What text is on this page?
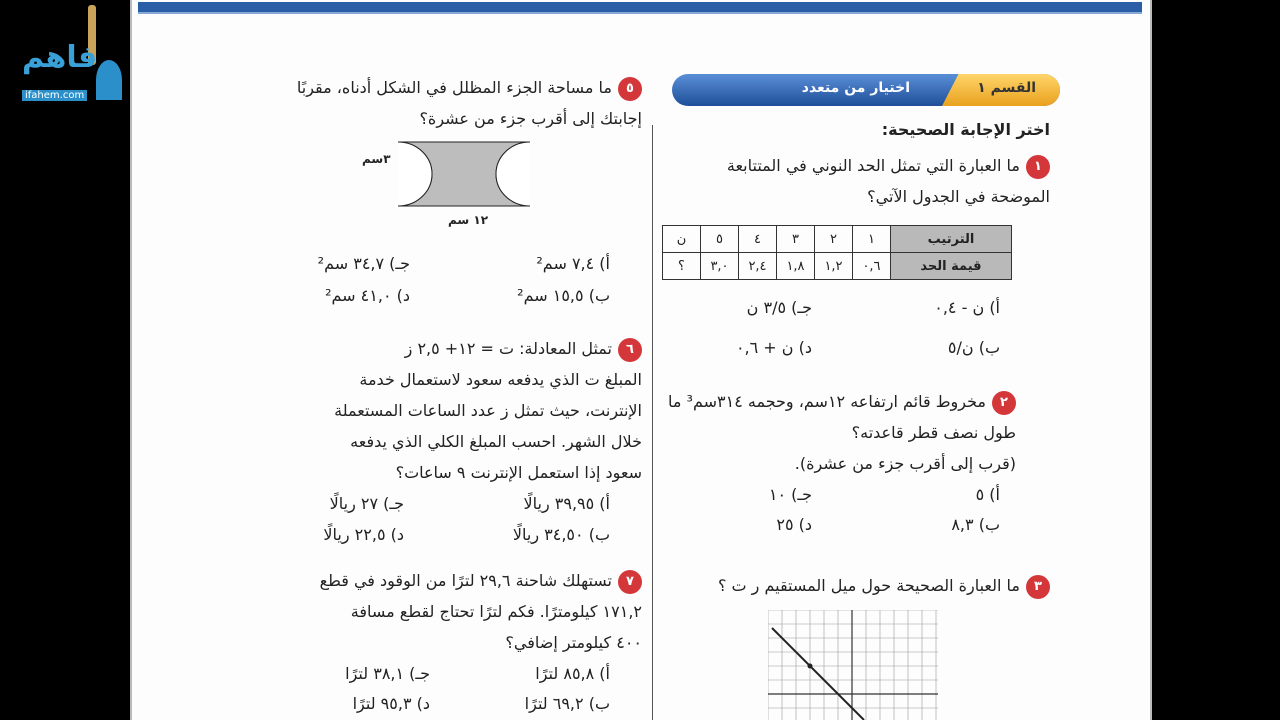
فاهم
ifahem.com	القسم ١
اختيار من متعدد
اختر الإجابة الصحيحة:
١ما العبارة التي تمثل الحد النوني في المتتابعة
الموضحة في الجدول الآتي؟
الترتيب	١	٢	٣	٤	٥	ن
قيمة الحد	٠,٦	١,٢	١,٨	٢,٤	٣,٠	؟
أ) ن - ٠,٤
جـ) ٣/٥ ن
ب) ن/٥
د) ن + ٠,٦
٢مخروط قائم ارتفاعه ١٢سم، وحجمه ٣١٤سم³ ما
طول نصف قطر قاعدته؟
(قرب إلى أقرب جزء من عشرة).
أ) ٥
جـ) ١٠
ب) ٨,٣
د) ٢٥
٣ما العبارة الصحيحة حول ميل المستقيم ر ت ؟
٥ما مساحة الجزء المظلل في الشكل أدناه، مقربًا
إجابتك إلى أقرب جزء من عشرة؟
٣سم
١٢ سم
أ) ٧,٤ سم²
جـ) ٣٤,٧ سم²
ب) ١٥,٥ سم²
د) ٤١,٠ سم²
٦تمثل المعادلة: ت = ١٢+ ٢,٥ ز
المبلغ ت الذي يدفعه سعود لاستعمال خدمة
الإنترنت، حيث تمثل ز عدد الساعات المستعملة
خلال الشهر. احسب المبلغ الكلي الذي يدفعه
سعود إذا استعمل الإنترنت ٩ ساعات؟
أ) ٣٩,٩٥ ريالًا
جـ) ٢٧ ريالًا
ب) ٣٤,٥٠ ريالًا
د) ٢٢,٥ ريالًا
٧تستهلك شاحنة ٢٩,٦ لترًا من الوقود في قطع
١٧١,٢ كيلومترًا. فكم لترًا تحتاج لقطع مسافة
٤٠٠ كيلومتر إضافي؟
أ) ٨٥,٨ لترًا
جـ) ٣٨,١ لترًا
ب) ٦٩,٢ لترًا
د) ٩٥,٣ لترًا
